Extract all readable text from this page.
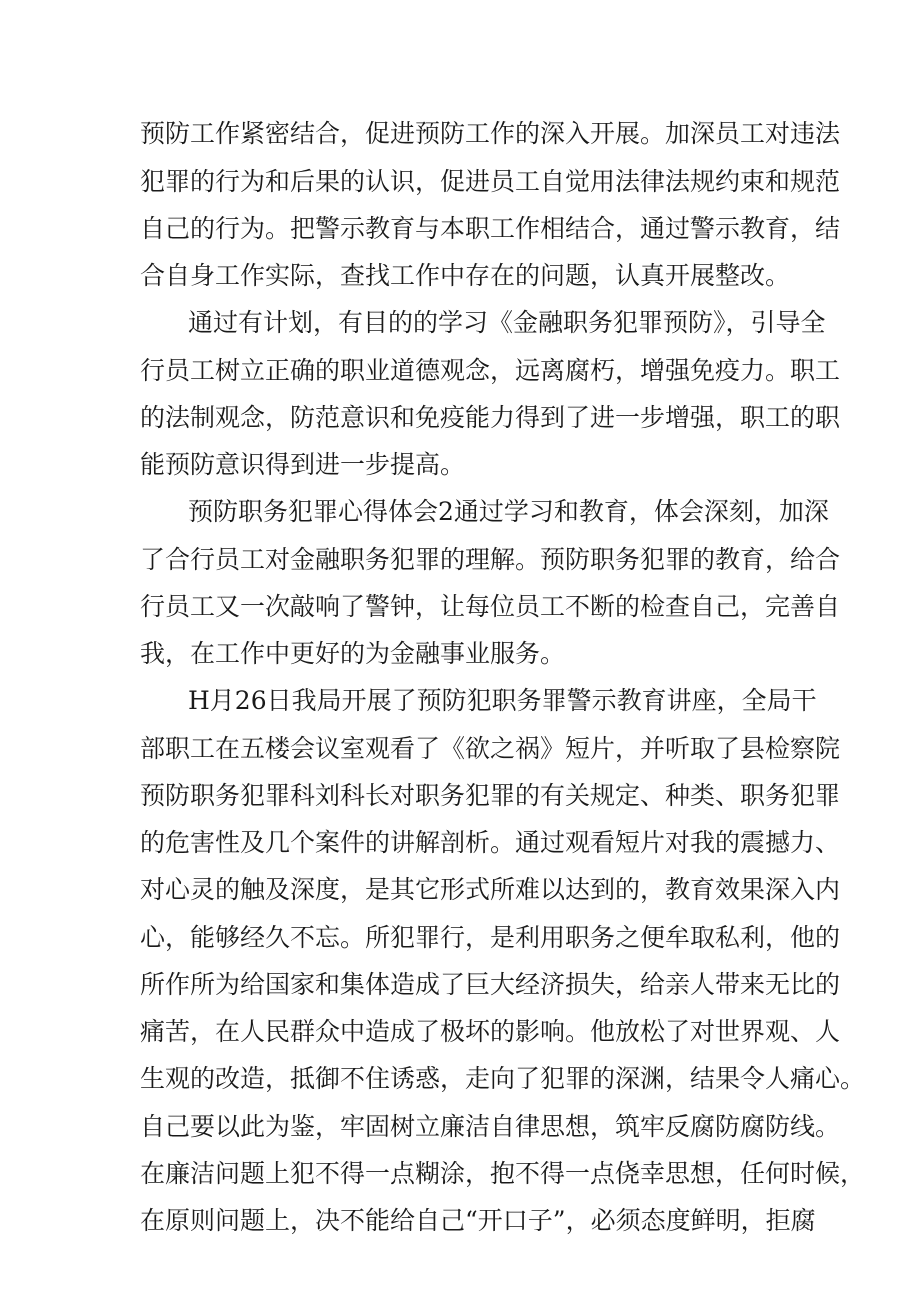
预防工作紧密结合，促进预防工作的深入开展。加深员工对违法
犯罪的行为和后果的认识，促进员工自觉用法律法规约束和规范
自己的行为。把警示教育与本职工作相结合，通过警示教育，结
合自身工作实际，查找工作中存在的问题，认真开展整改。
通过有计划，有目的的学习《金融职务犯罪预防》，引导全
行员工树立正确的职业道德观念，远离腐朽，增强免疫力。职工
的法制观念，防范意识和免疫能力得到了进一步增强，职工的职
能预防意识得到进一步提高。
预防职务犯罪心得体会2通过学习和教育，体会深刻，加深
了合行员工对金融职务犯罪的理解。预防职务犯罪的教育，给合
行员工又一次敲响了警钟，让每位员工不断的检查自己，完善自
我，在工作中更好的为金融事业服务。
H月26日我局开展了预防犯职务罪警示教育讲座，全局干
部职工在五楼会议室观看了《欲之祸》短片，并听取了县检察院
预防职务犯罪科刘科长对职务犯罪的有关规定、种类、职务犯罪
的危害性及几个案件的讲解剖析。通过观看短片对我的震撼力、
对心灵的触及深度，是其它形式所难以达到的，教育效果深入内
心，能够经久不忘。所犯罪行，是利用职务之便牟取私利，他的
所作所为给国家和集体造成了巨大经济损失，给亲人带来无比的
痛苦，在人民群众中造成了极坏的影响。他放松了对世界观、人
生观的改造，抵御不住诱惑，走向了犯罪的深渊，结果令人痛心。
自己要以此为鉴，牢固树立廉洁自律思想，筑牢反腐防腐防线。
在廉洁问题上犯不得一点糊涂，抱不得一点侥幸思想，任何时候，
在原则问题上，决不能给自己“开口子”，必须态度鲜明，拒腐
